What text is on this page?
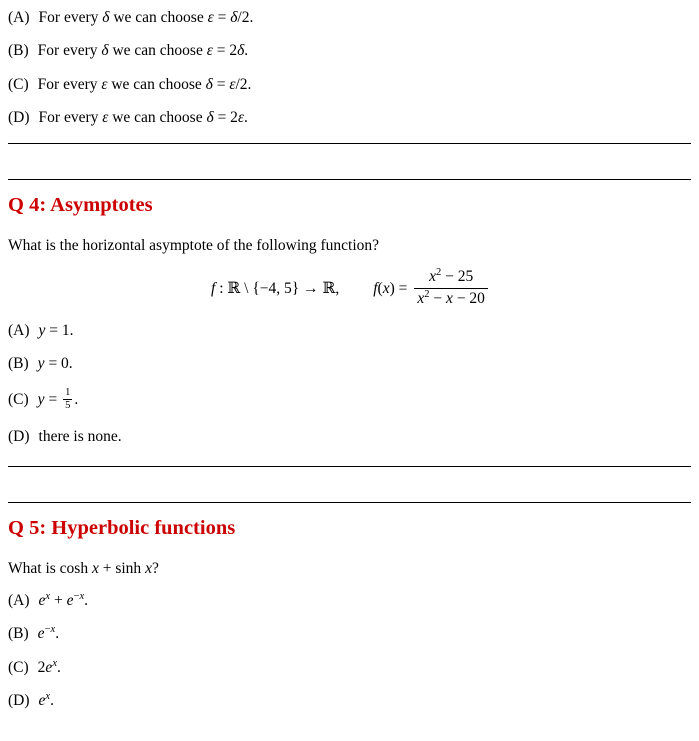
(A) For every δ we can choose ε = δ/2.
(B) For every δ we can choose ε = 2δ.
(C) For every ε we can choose δ = ε/2.
(D) For every ε we can choose δ = 2ε.
Q 4: Asymptotes

What is the horizontal asymptote of the following function?

f : ℝ \ {−4, 5} → ℝ, $f(x) = \frac{x^2 - 25}{x^2 - x - 20}$
(A) y = 1.
(B) y = 0.
(C) $y = \frac{1}{5}$ .
(D) there is none.
Q 5: Hyperbolic functions

What is cosh x + sinh x?

(A) $e^x + e^{-x}$.
(B) $e^{-x}$.
(C) $2e^x$.
(D) $e^x$.
